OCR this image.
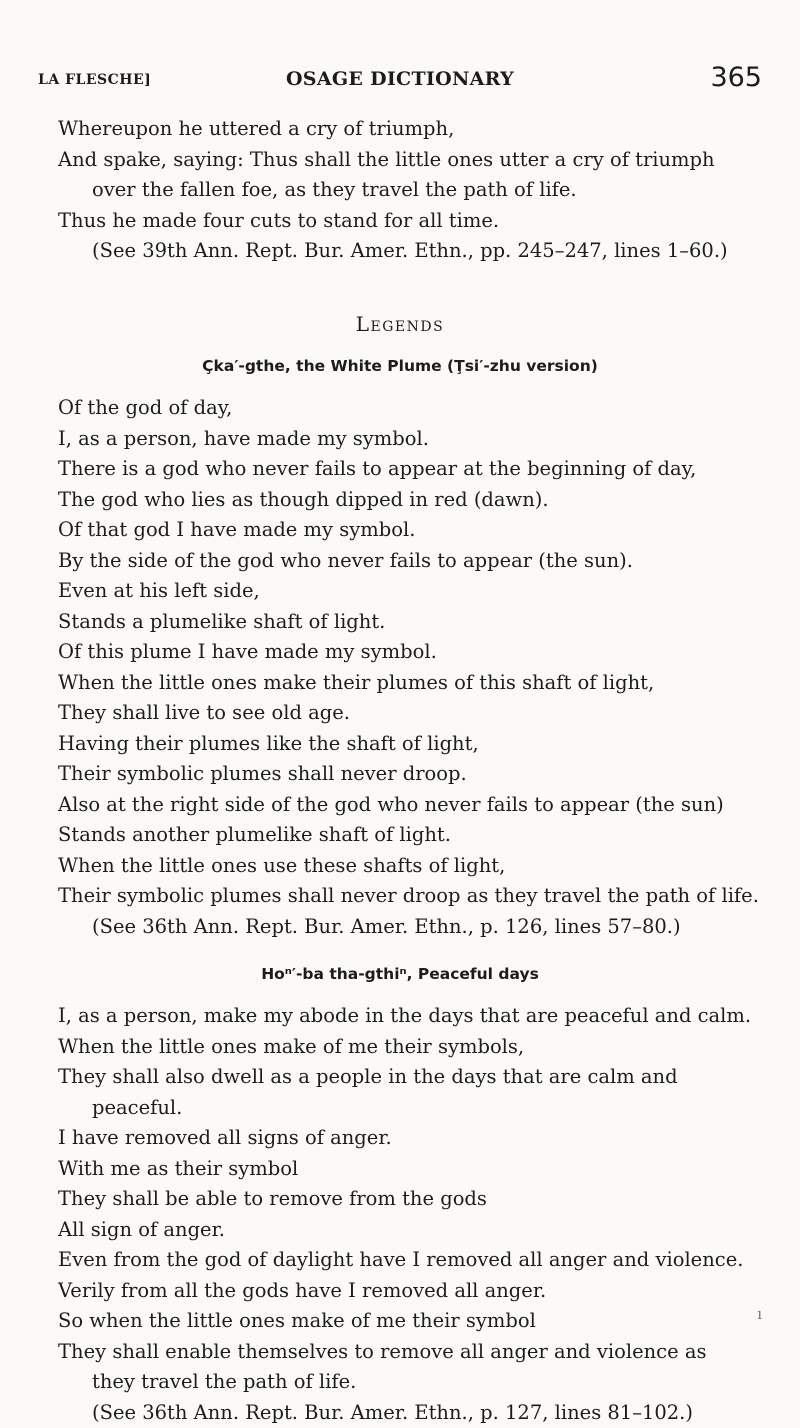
LA FLESCHE]	OSAGE DICTIONARY	365
Whereupon he uttered a cry of triumph,
And spake, saying: Thus shall the little ones utter a cry of triumph
over the fallen foe, as they travel the path of life.
Thus he made four cuts to stand for all time.
(See 39th Ann. Rept. Bur. Amer. Ethn., pp. 245–247, lines 1–60.)
Legends
Çka′-gthe, the White Plume (Ţsi′-zhu version)
Of the god of day,
I, as a person, have made my symbol.
There is a god who never fails to appear at the beginning of day,
The god who lies as though dipped in red (dawn).
Of that god I have made my symbol.
By the side of the god who never fails to appear (the sun).
Even at his left side,
Stands a plumelike shaft of light.
Of this plume I have made my symbol.
When the little ones make their plumes of this shaft of light,
They shall live to see old age.
Having their plumes like the shaft of light,
Their symbolic plumes shall never droop.
Also at the right side of the god who never fails to appear (the sun)
Stands another plumelike shaft of light.
When the little ones use these shafts of light,
Their symbolic plumes shall never droop as they travel the path of life.
(See 36th Ann. Rept. Bur. Amer. Ethn., p. 126, lines 57–80.)
Hoⁿ′-ba tha-gthiⁿ, Peaceful days
I, as a person, make my abode in the days that are peaceful and calm.
When the little ones make of me their symbols,
They shall also dwell as a people in the days that are calm and
peaceful.
I have removed all signs of anger.
With me as their symbol
They shall be able to remove from the gods
All sign of anger.
Even from the god of daylight have I removed all anger and violence.
Verily from all the gods have I removed all anger.
So when the little ones make of me their symbol
They shall enable themselves to remove all anger and violence as
they travel the path of life.
(See 36th Ann. Rept. Bur. Amer. Ethn., p. 127, lines 81–102.)
ı
